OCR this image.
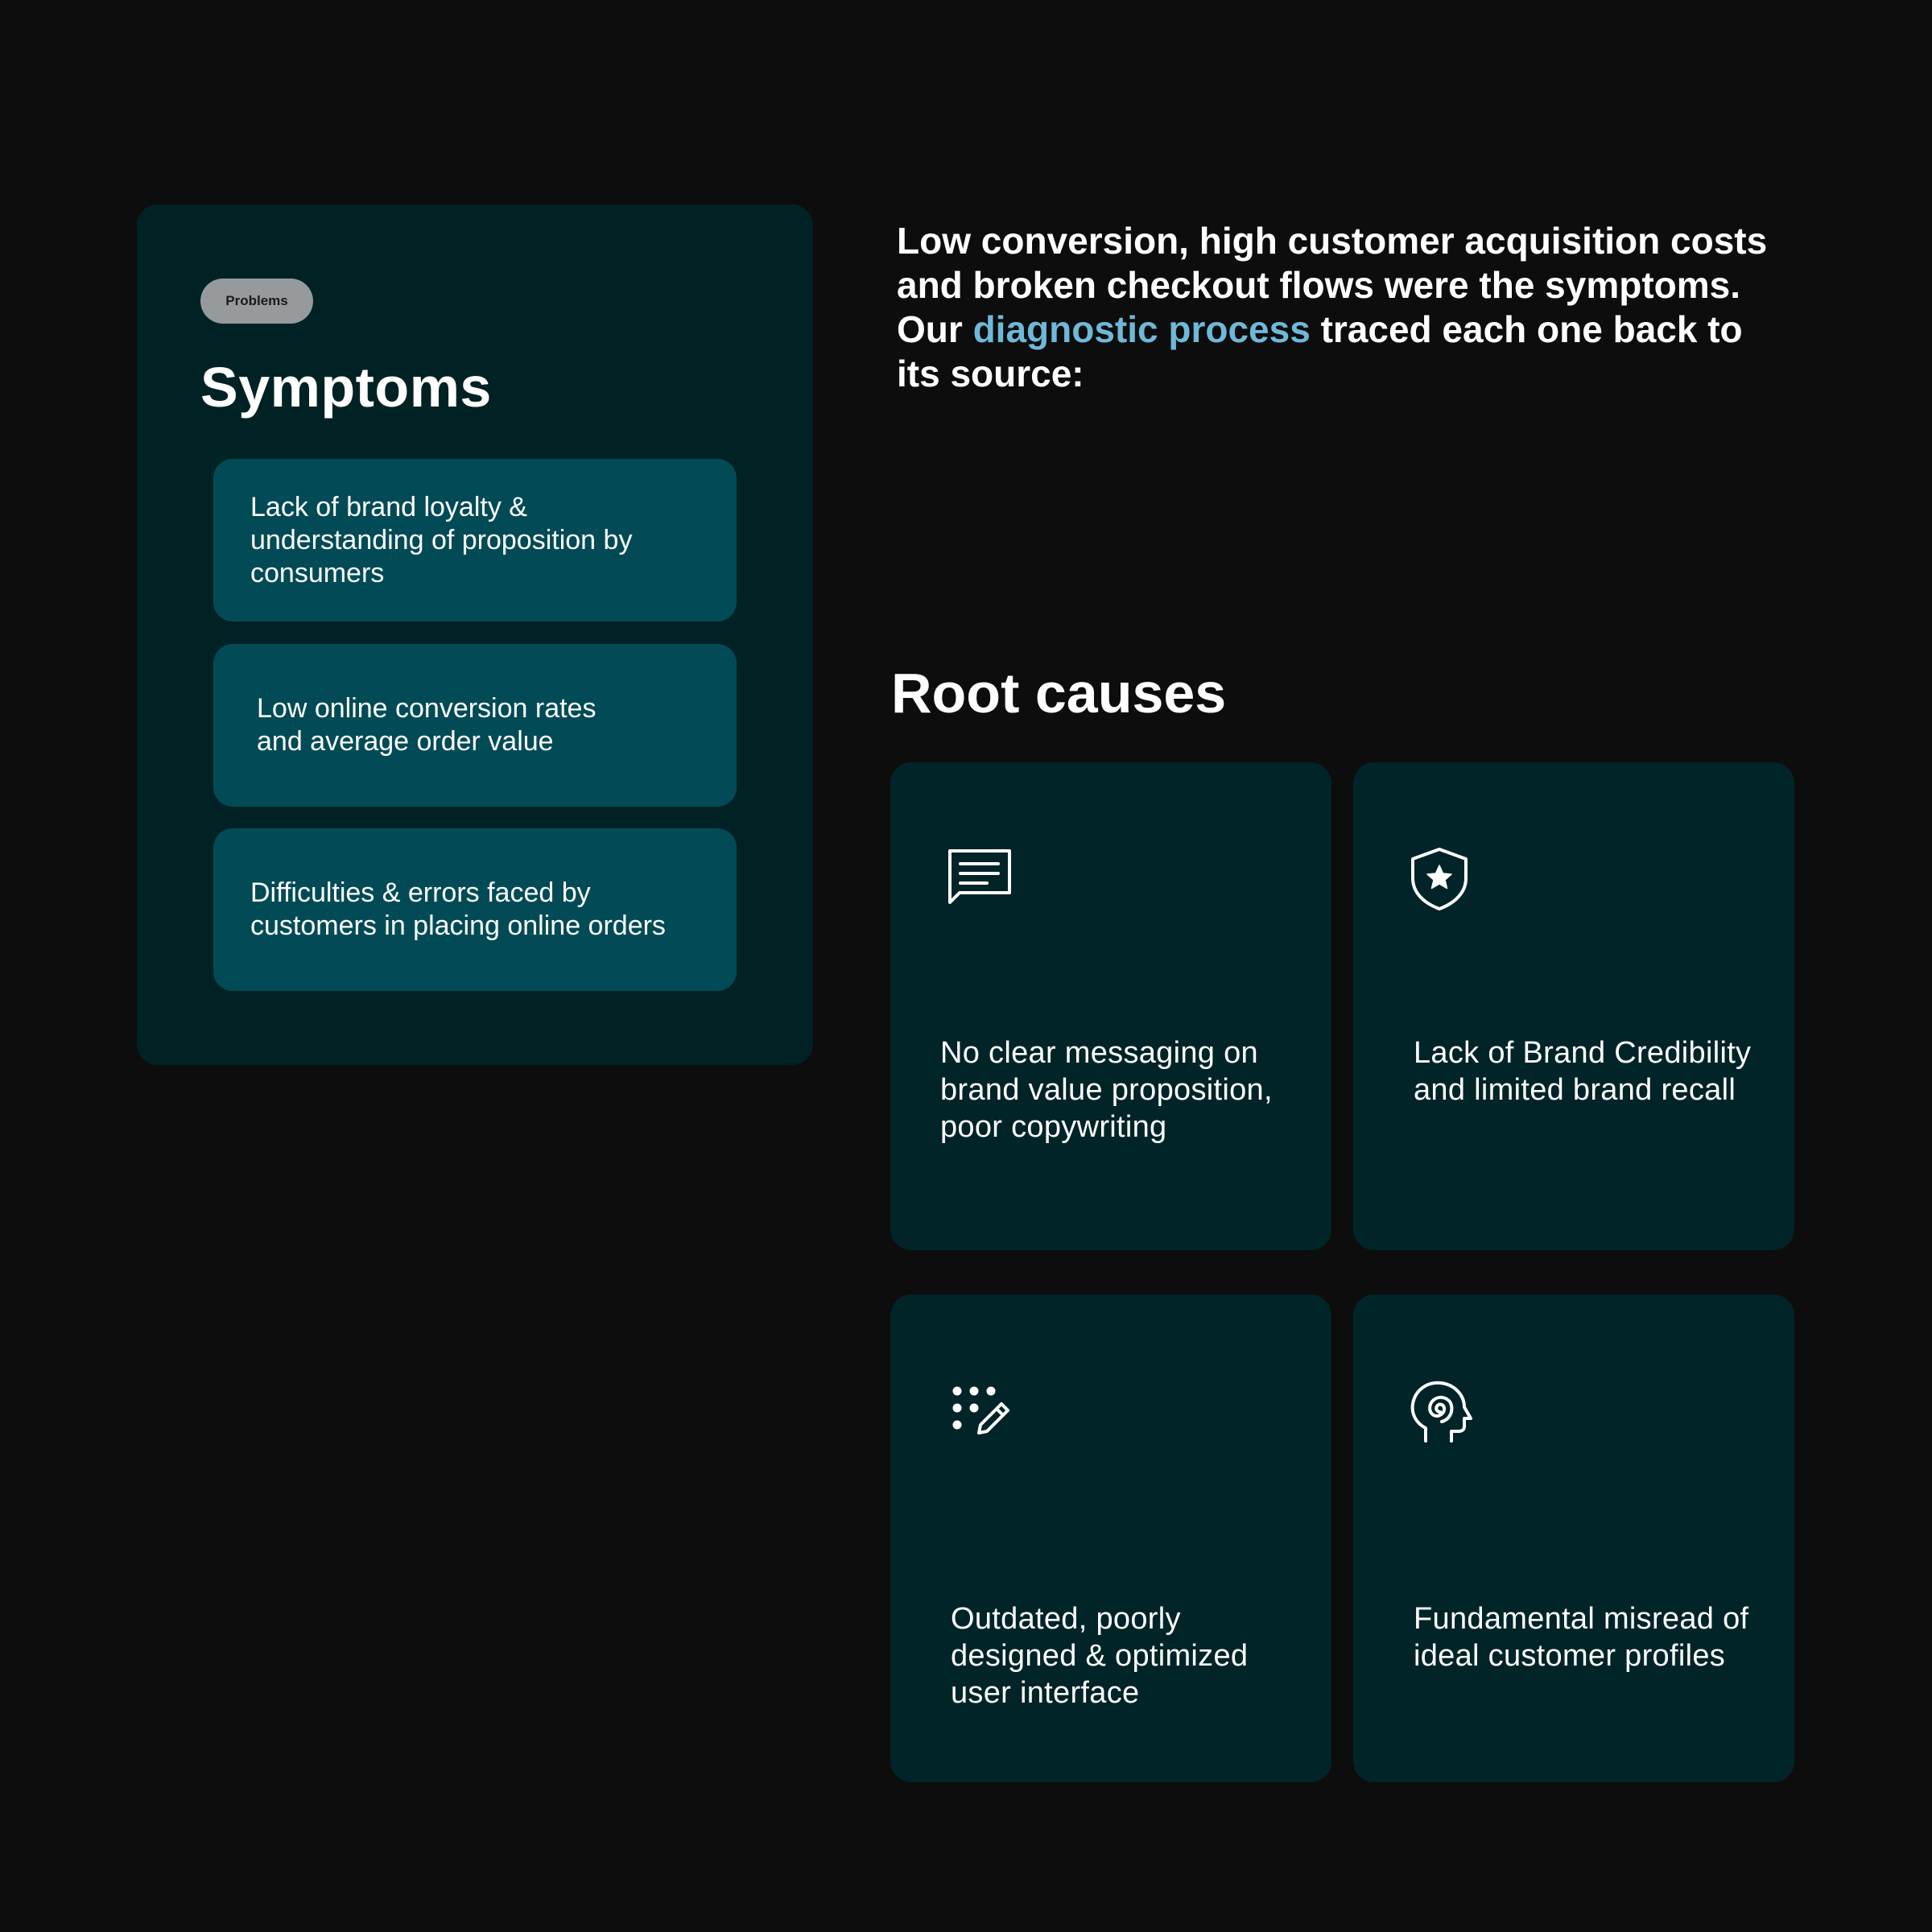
Problems
Symptoms
Lack of brand loyalty & understanding of proposition by consumers
Low online conversion rates and average order value
Difficulties & errors faced by customers in placing online orders

Low conversion, high customer acquisition costs and broken checkout flows were the symptoms. Our diagnostic process traced each one back to its source:

Root causes
No clear messaging on brand value proposition, poor copywriting
Lack of Brand Credibility and limited brand recall
Outdated, poorly designed & optimized user interface
Fundamental misread of ideal customer profiles
